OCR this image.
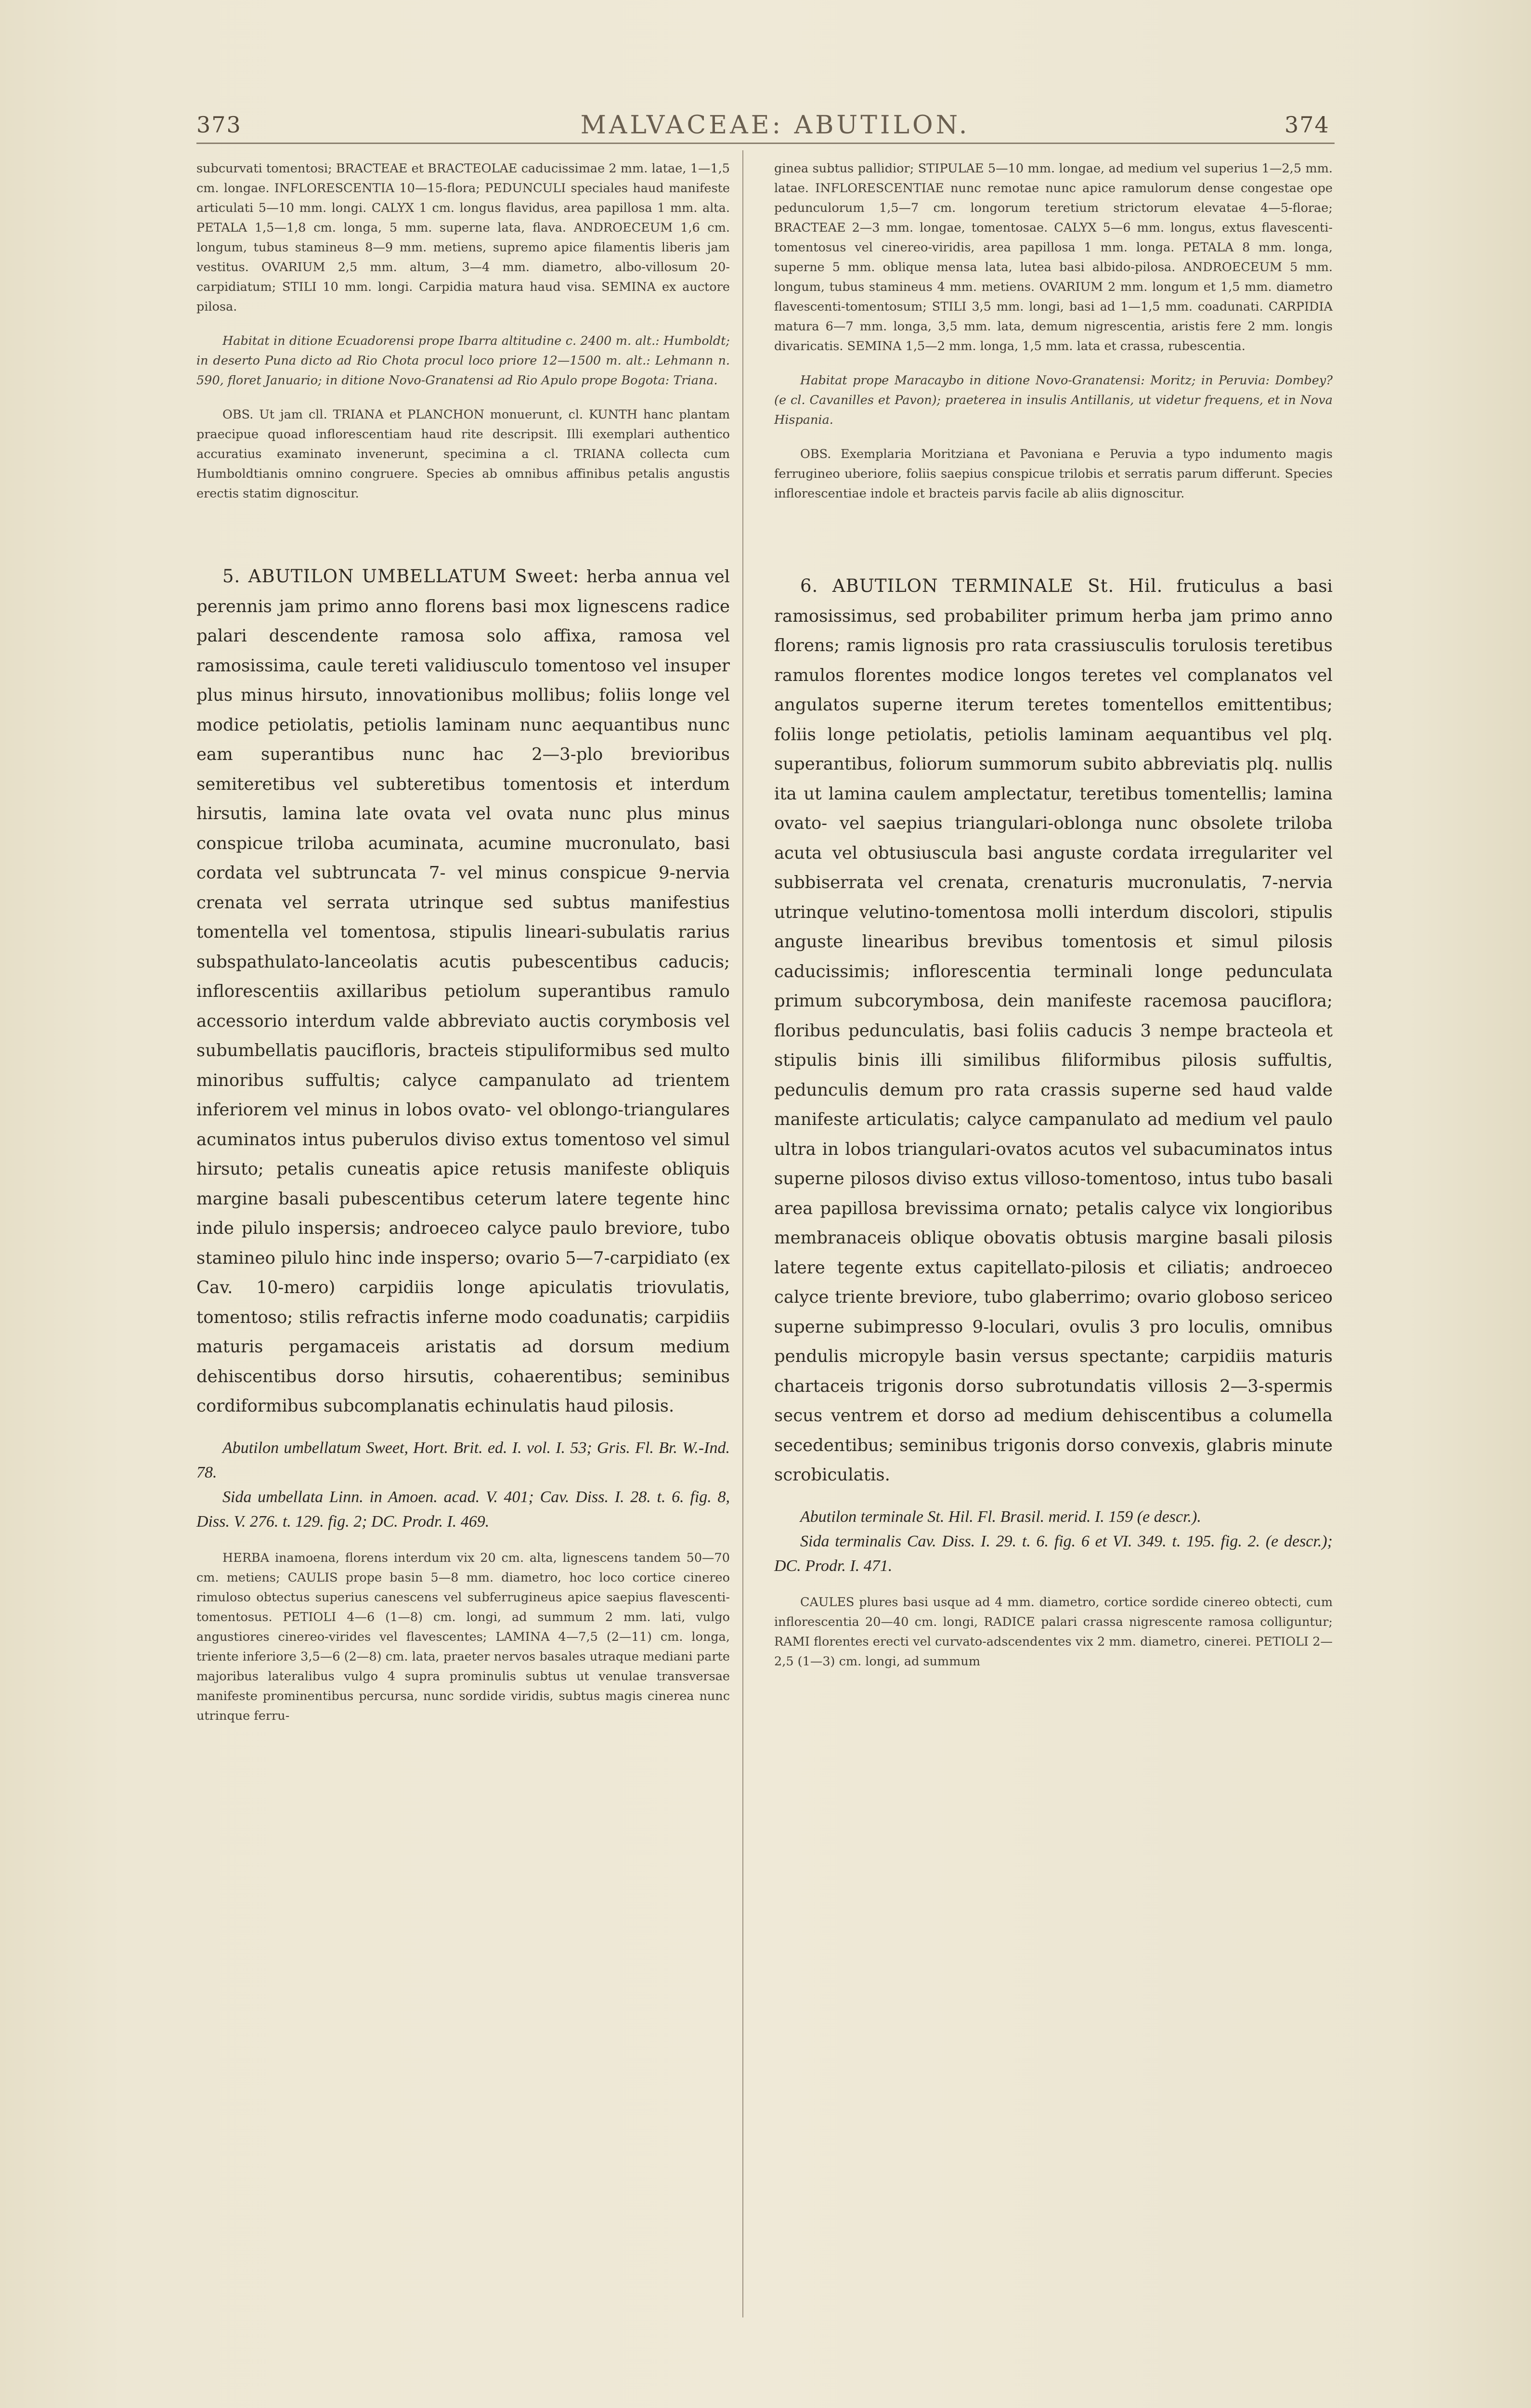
373	MALVACEAE: ABUTILON.	374

subcurvati tomentosi; BRACTEAE et BRACTEOLAE caducissimae 2 mm. latae, 1—1,5 cm. longae. INFLORESCENTIA 10—15-flora; PEDUNCULI speciales haud manifeste articulati 5—10 mm. longi. CALYX 1 cm. longus flavidus, area papillosa 1 mm. alta. PETALA 1,5—1,8 cm. longa, 5 mm. superne lata, flava. ANDROECEUM 1,6 cm. longum, tubus stamineus 8—9 mm. metiens, supremo apice filamentis liberis jam vestitus. OVARIUM 2,5 mm. altum, 3—4 mm. diametro, albo-villosum 20-carpidiatum; STILI 10 mm. longi. Carpidia matura haud visa. SEMINA ex auctore pilosa.

Habitat in ditione Ecuadorensi prope Ibarra altitudine c. 2400 m. alt.: Humboldt; in deserto Puna dicto ad Rio Chota procul loco priore 12—1500 m. alt.: Lehmann n. 590, floret Januario; in ditione Novo-Granatensi ad Rio Apulo prope Bogota: Triana.

OBS. Ut jam cll. TRIANA et PLANCHON monuerunt, cl. KUNTH hanc plantam praecipue quoad inflorescentiam haud rite descripsit. Illi exemplari authentico accuratius examinato invenerunt, specimina a cl. TRIANA collecta cum Humboldtianis omnino congruere. Species ab omnibus affinibus petalis angustis erectis statim dignoscitur.

5. ABUTILON UMBELLATUM Sweet: herba annua vel perennis jam primo anno florens basi mox lignescens radice palari descendente ramosa solo affixa, ramosa vel ramosissima, caule tereti validiusculo tomentoso vel insuper plus minus hirsuto, innovationibus mollibus; foliis longe vel modice petiolatis, petiolis laminam nunc aequantibus nunc eam superantibus nunc hac 2—3-plo brevioribus semiteretibus vel subteretibus tomentosis et interdum hirsutis, lamina late ovata vel ovata nunc plus minus conspicue triloba acuminata, acumine mucronulato, basi cordata vel subtruncata 7- vel minus conspicue 9-nervia crenata vel serrata utrinque sed subtus manifestius tomentella vel tomentosa, stipulis lineari-subulatis rarius subspathulato-lanceolatis acutis pubescentibus caducis; inflorescentiis axillaribus petiolum superantibus ramulo accessorio interdum valde abbreviato auctis corymbosis vel subumbellatis paucifloris, bracteis stipuliformibus sed multo minoribus suffultis; calyce campanulato ad trientem inferiorem vel minus in lobos ovato- vel oblongo-triangulares acuminatos intus puberulos diviso extus tomentoso vel simul hirsuto; petalis cuneatis apice retusis manifeste obliquis margine basali pubescentibus ceterum latere tegente hinc inde pilulo inspersis; androeceo calyce paulo breviore, tubo stamineo pilulo hinc inde insperso; ovario 5—7-carpidiato (ex Cav. 10-mero) carpidiis longe apiculatis triovulatis, tomentoso; stilis refractis inferne modo coadunatis; carpidiis maturis pergamaceis aristatis ad dorsum medium dehiscentibus dorso hirsutis, cohaerentibus; seminibus cordiformibus subcomplanatis echinulatis haud pilosis.

Abutilon umbellatum Sweet, Hort. Brit. ed. I. vol. I. 53; Gris. Fl. Br. W.-Ind. 78.

Sida umbellata Linn. in Amoen. acad. V. 401; Cav. Diss. I. 28. t. 6. fig. 8, Diss. V. 276. t. 129. fig. 2; DC. Prodr. I. 469.

HERBA inamoena, florens interdum vix 20 cm. alta, lignescens tandem 50—70 cm. metiens; CAULIS prope basin 5—8 mm. diametro, hoc loco cortice cinereo rimuloso obtectus superius canescens vel subferrugineus apice saepius flavescenti-tomentosus. PETIOLI 4—6 (1—8) cm. longi, ad summum 2 mm. lati, vulgo angustiores cinereo-virides vel flavescentes; LAMINA 4—7,5 (2—11) cm. longa, triente inferiore 3,5—6 (2—8) cm. lata, praeter nervos basales utraque mediani parte majoribus lateralibus vulgo 4 supra prominulis subtus ut venulae transversae manifeste prominentibus percursa, nunc sordide viridis, subtus magis cinerea nunc utrinque ferru-

ginea subtus pallidior; STIPULAE 5—10 mm. longae, ad medium vel superius 1—2,5 mm. latae. INFLORESCENTIAE nunc remotae nunc apice ramulorum dense congestae ope pedunculorum 1,5—7 cm. longorum teretium strictorum elevatae 4—5-florae; BRACTEAE 2—3 mm. longae, tomentosae. CALYX 5—6 mm. longus, extus flavescenti-tomentosus vel cinereo-viridis, area papillosa 1 mm. longa. PETALA 8 mm. longa, superne 5 mm. oblique mensa lata, lutea basi albido-pilosa. ANDROECEUM 5 mm. longum, tubus stamineus 4 mm. metiens. OVARIUM 2 mm. longum et 1,5 mm. diametro flavescenti-tomentosum; STILI 3,5 mm. longi, basi ad 1—1,5 mm. coadunati. CARPIDIA matura 6—7 mm. longa, 3,5 mm. lata, demum nigrescentia, aristis fere 2 mm. longis divaricatis. SEMINA 1,5—2 mm. longa, 1,5 mm. lata et crassa, rubescentia.

Habitat prope Maracaybo in ditione Novo-Granatensi: Moritz; in Peruvia: Dombey? (e cl. Cavanilles et Pavon); praeterea in insulis Antillanis, ut videtur frequens, et in Nova Hispania.

OBS. Exemplaria Moritziana et Pavoniana e Peruvia a typo indumento magis ferrugineo uberiore, foliis saepius conspicue trilobis et serratis parum differunt. Species inflorescentiae indole et bracteis parvis facile ab aliis dignoscitur.

6. ABUTILON TERMINALE St. Hil. fruticulus a basi ramosissimus, sed probabiliter primum herba jam primo anno florens; ramis lignosis pro rata crassiusculis torulosis teretibus ramulos florentes modice longos teretes vel complanatos vel angulatos superne iterum teretes tomentellos emittentibus; foliis longe petiolatis, petiolis laminam aequantibus vel plq. superantibus, foliorum summorum subito abbreviatis plq. nullis ita ut lamina caulem amplectatur, teretibus tomentellis; lamina ovato- vel saepius triangulari-oblonga nunc obsolete triloba acuta vel obtusiuscula basi anguste cordata irregulariter vel subbiserrata vel crenata, crenaturis mucronulatis, 7-nervia utrinque velutino-tomentosa molli interdum discolori, stipulis anguste linearibus brevibus tomentosis et simul pilosis caducissimis; inflorescentia terminali longe pedunculata primum subcorymbosa, dein manifeste racemosa pauciflora; floribus pedunculatis, basi foliis caducis 3 nempe bracteola et stipulis binis illi similibus filiformibus pilosis suffultis, pedunculis demum pro rata crassis superne sed haud valde manifeste articulatis; calyce campanulato ad medium vel paulo ultra in lobos triangulari-ovatos acutos vel subacuminatos intus superne pilosos diviso extus villoso-tomentoso, intus tubo basali area papillosa brevissima ornato; petalis calyce vix longioribus membranaceis oblique obovatis obtusis margine basali pilosis latere tegente extus capitellato-pilosis et ciliatis; androeceo calyce triente breviore, tubo glaberrimo; ovario globoso sericeo superne subimpresso 9-loculari, ovulis 3 pro loculis, omnibus pendulis micropyle basin versus spectante; carpidiis maturis chartaceis trigonis dorso subrotundatis villosis 2—3-spermis secus ventrem et dorso ad medium dehiscentibus a columella secedentibus; seminibus trigonis dorso convexis, glabris minute scrobiculatis.

Abutilon terminale St. Hil. Fl. Brasil. merid. I. 159 (e descr.).

Sida terminalis Cav. Diss. I. 29. t. 6. fig. 6 et VI. 349. t. 195. fig. 2. (e descr.); DC. Prodr. I. 471.

CAULES plures basi usque ad 4 mm. diametro, cortice sordide cinereo obtecti, cum inflorescentia 20—40 cm. longi, RADICE palari crassa nigrescente ramosa colliguntur; RAMI florentes erecti vel curvato-adscendentes vix 2 mm. diametro, cinerei. PETIOLI 2—2,5 (1—3) cm. longi, ad summum
